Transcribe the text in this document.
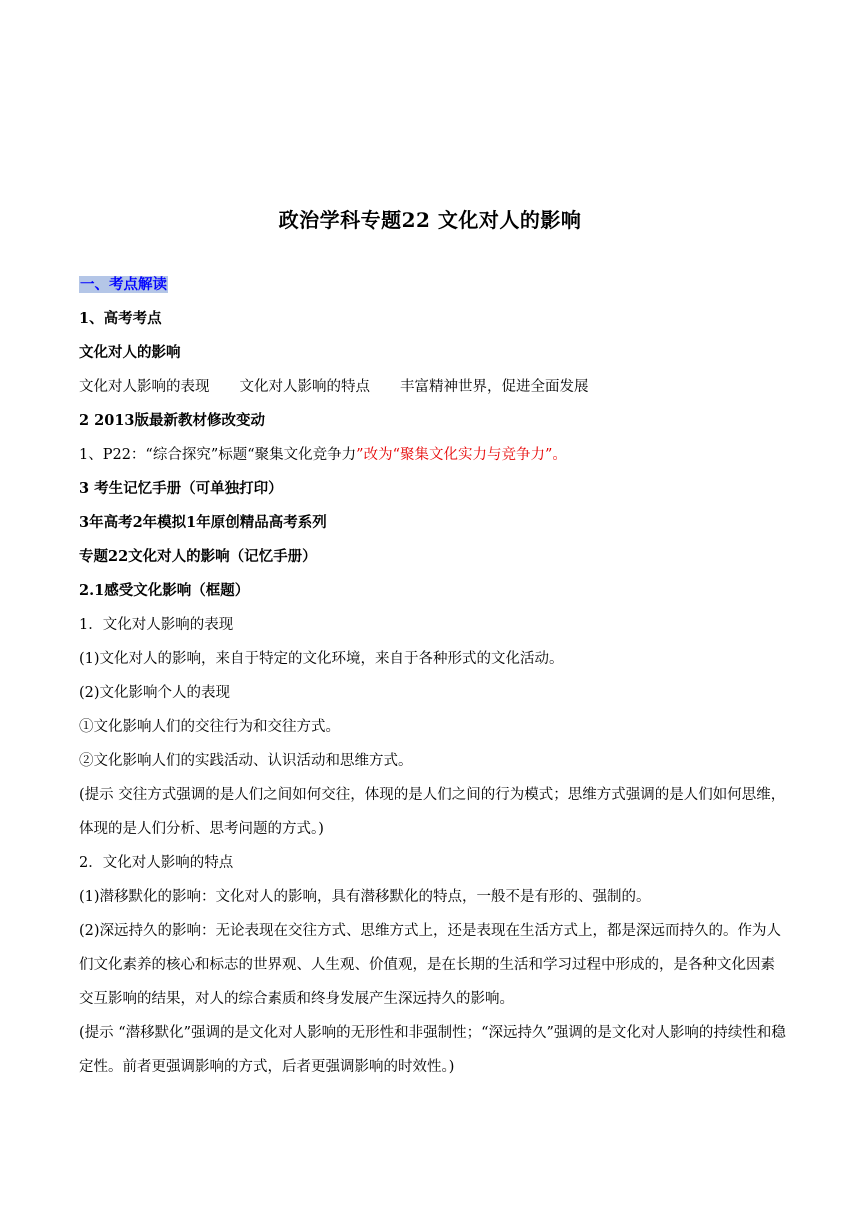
政治学科专题22 文化对人的影响
一、考点解读
1、高考考点
文化对人的影响
文化对人影响的表现 文化对人影响的特点 丰富精神世界，促进全面发展
2 2013版最新教材修改变动
1、P22：“综合探究”标题“聚集文化竞争力”改为“聚集文化实力与竞争力”。
3 考生记忆手册（可单独打印）
3年高考2年模拟1年原创精品高考系列
专题22文化对人的影响（记忆手册）
2.1感受文化影响（框题）
1．文化对人影响的表现
(1)文化对人的影响，来自于特定的文化环境，来自于各种形式的文化活动。
(2)文化影响个人的表现
①文化影响人们的交往行为和交往方式。
②文化影响人们的实践活动、认识活动和思维方式。
(提示 交往方式强调的是人们之间如何交往，体现的是人们之间的行为模式；思维方式强调的是人们如何思维，体现的是人们分析、思考问题的方式。)
2．文化对人影响的特点
(1)潜移默化的影响：文化对人的影响，具有潜移默化的特点，一般不是有形的、强制的。
(2)深远持久的影响：无论表现在交往方式、思维方式上，还是表现在生活方式上，都是深远而持久的。作为人们文化素养的核心和标志的世界观、人生观、价值观，是在长期的生活和学习过程中形成的，是各种文化因素交互影响的结果，对人的综合素质和终身发展产生深远持久的影响。
(提示 “潜移默化”强调的是文化对人影响的无形性和非强制性；“深远持久”强调的是文化对人影响的持续性和稳定性。前者更强调影响的方式，后者更强调影响的时效性。)
